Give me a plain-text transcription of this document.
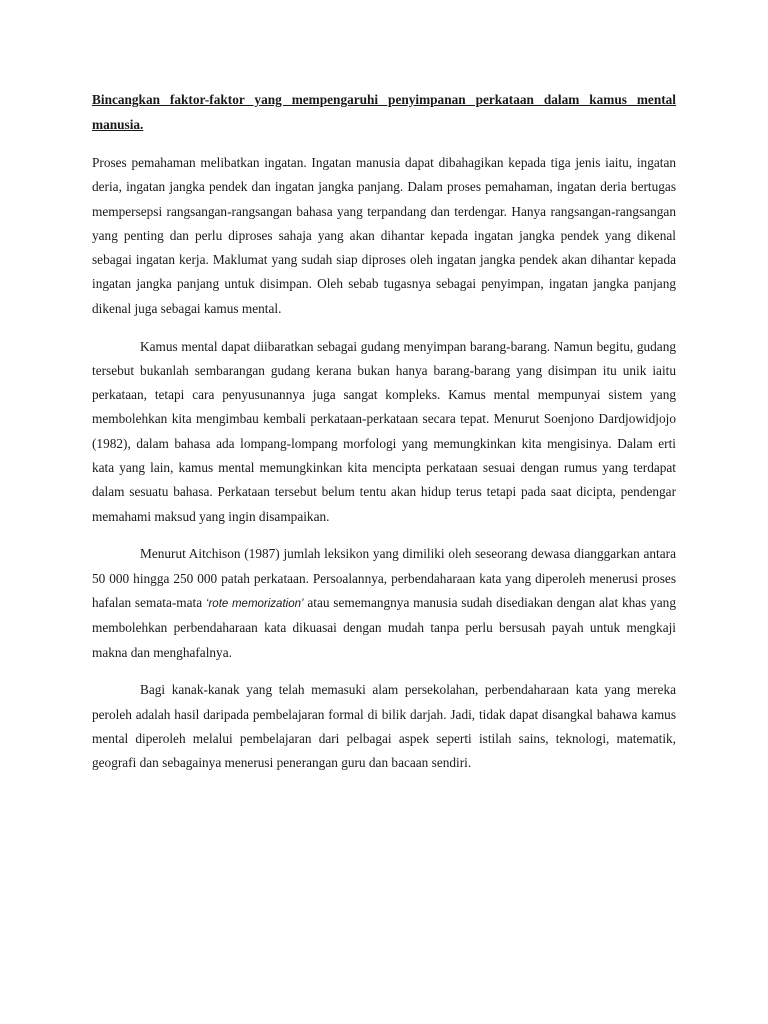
Bincangkan faktor-faktor yang mempengaruhi penyimpanan perkataan dalam kamus mental manusia.

Proses pemahaman melibatkan ingatan. Ingatan manusia dapat dibahagikan kepada tiga jenis iaitu, ingatan deria, ingatan jangka pendek dan ingatan jangka panjang. Dalam proses pemahaman, ingatan deria bertugas mempersepsi rangsangan-rangsangan bahasa yang terpandang dan terdengar. Hanya rangsangan-rangsangan yang penting dan perlu diproses sahaja yang akan dihantar kepada ingatan jangka pendek yang dikenal sebagai ingatan kerja. Maklumat yang sudah siap diproses oleh ingatan jangka pendek akan dihantar kepada ingatan jangka panjang untuk disimpan. Oleh sebab tugasnya sebagai penyimpan, ingatan jangka panjang dikenal juga sebagai kamus mental.

Kamus mental dapat diibaratkan sebagai gudang menyimpan barang-barang. Namun begitu, gudang tersebut bukanlah sembarangan gudang kerana bukan hanya barang-barang yang disimpan itu unik iaitu perkataan, tetapi cara penyusunannya juga sangat kompleks. Kamus mental mempunyai sistem yang membolehkan kita mengimbau kembali perkataan-perkataan secara tepat. Menurut Soenjono Dardjowidjojo (1982), dalam bahasa ada lompang-lompang morfologi yang memungkinkan kita mengisinya. Dalam erti kata yang lain, kamus mental memungkinkan kita mencipta perkataan sesuai dengan rumus yang terdapat dalam sesuatu bahasa. Perkataan tersebut belum tentu akan hidup terus tetapi pada saat dicipta, pendengar memahami maksud yang ingin disampaikan.

Menurut Aitchison (1987) jumlah leksikon yang dimiliki oleh seseorang dewasa dianggarkan antara 50 000 hingga 250 000 patah perkataan. Persoalannya, perbendaharaan kata yang diperoleh menerusi proses hafalan semata-mata ‘rote memorization’ atau sememangnya manusia sudah disediakan dengan alat khas yang membolehkan perbendaharaan kata dikuasai dengan mudah tanpa perlu bersusah payah untuk mengkaji makna dan menghafalnya.

Bagi kanak-kanak yang telah memasuki alam persekolahan, perbendaharaan kata yang mereka peroleh adalah hasil daripada pembelajaran formal di bilik darjah. Jadi, tidak dapat disangkal bahawa kamus mental diperoleh melalui pembelajaran dari pelbagai aspek seperti istilah sains, teknologi, matematik, geografi dan sebagainya menerusi penerangan guru dan bacaan sendiri.
